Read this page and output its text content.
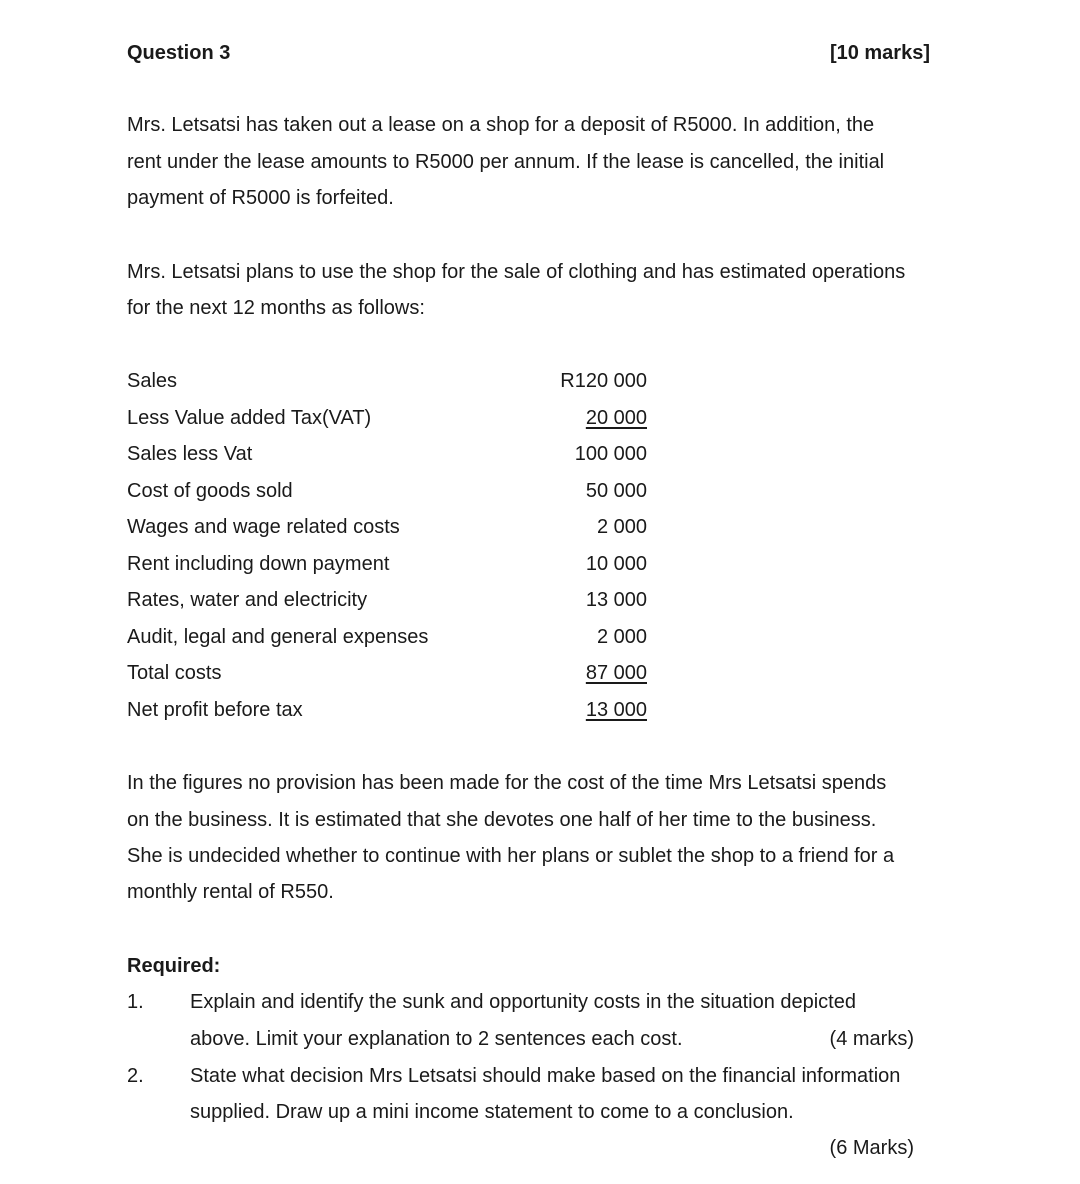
Question 3	[10 marks]
Mrs. Letsatsi has taken out a lease on a shop for a deposit of R5000. In addition, the
rent under the lease amounts to R5000 per annum. If the lease is cancelled, the initial
payment of R5000 is forfeited.
Mrs. Letsatsi plans to use the shop for the sale of clothing and has estimated operations
for the next 12 months as follows:
Sales	R120 000
Less Value added Tax(VAT)	20 000
Sales less Vat	100 000
Cost of goods sold	50 000
Wages and wage related costs	2 000
Rent including down payment	10 000
Rates, water and electricity	13 000
Audit, legal and general expenses	2 000
Total costs	87 000
Net profit before tax	13 000
In the figures no provision has been made for the cost of the time Mrs Letsatsi spends
on the business. It is estimated that she devotes one half of her time to the business.
She is undecided whether to continue with her plans or sublet the shop to a friend for a
monthly rental of R550.
Required:
1. Explain and identify the sunk and opportunity costs in the situation depicted
above. Limit your explanation to 2 sentences each cost.	(4 marks)
2. State what decision Mrs Letsatsi should make based on the financial information
supplied. Draw up a mini income statement to come to a conclusion.
(6 Marks)
